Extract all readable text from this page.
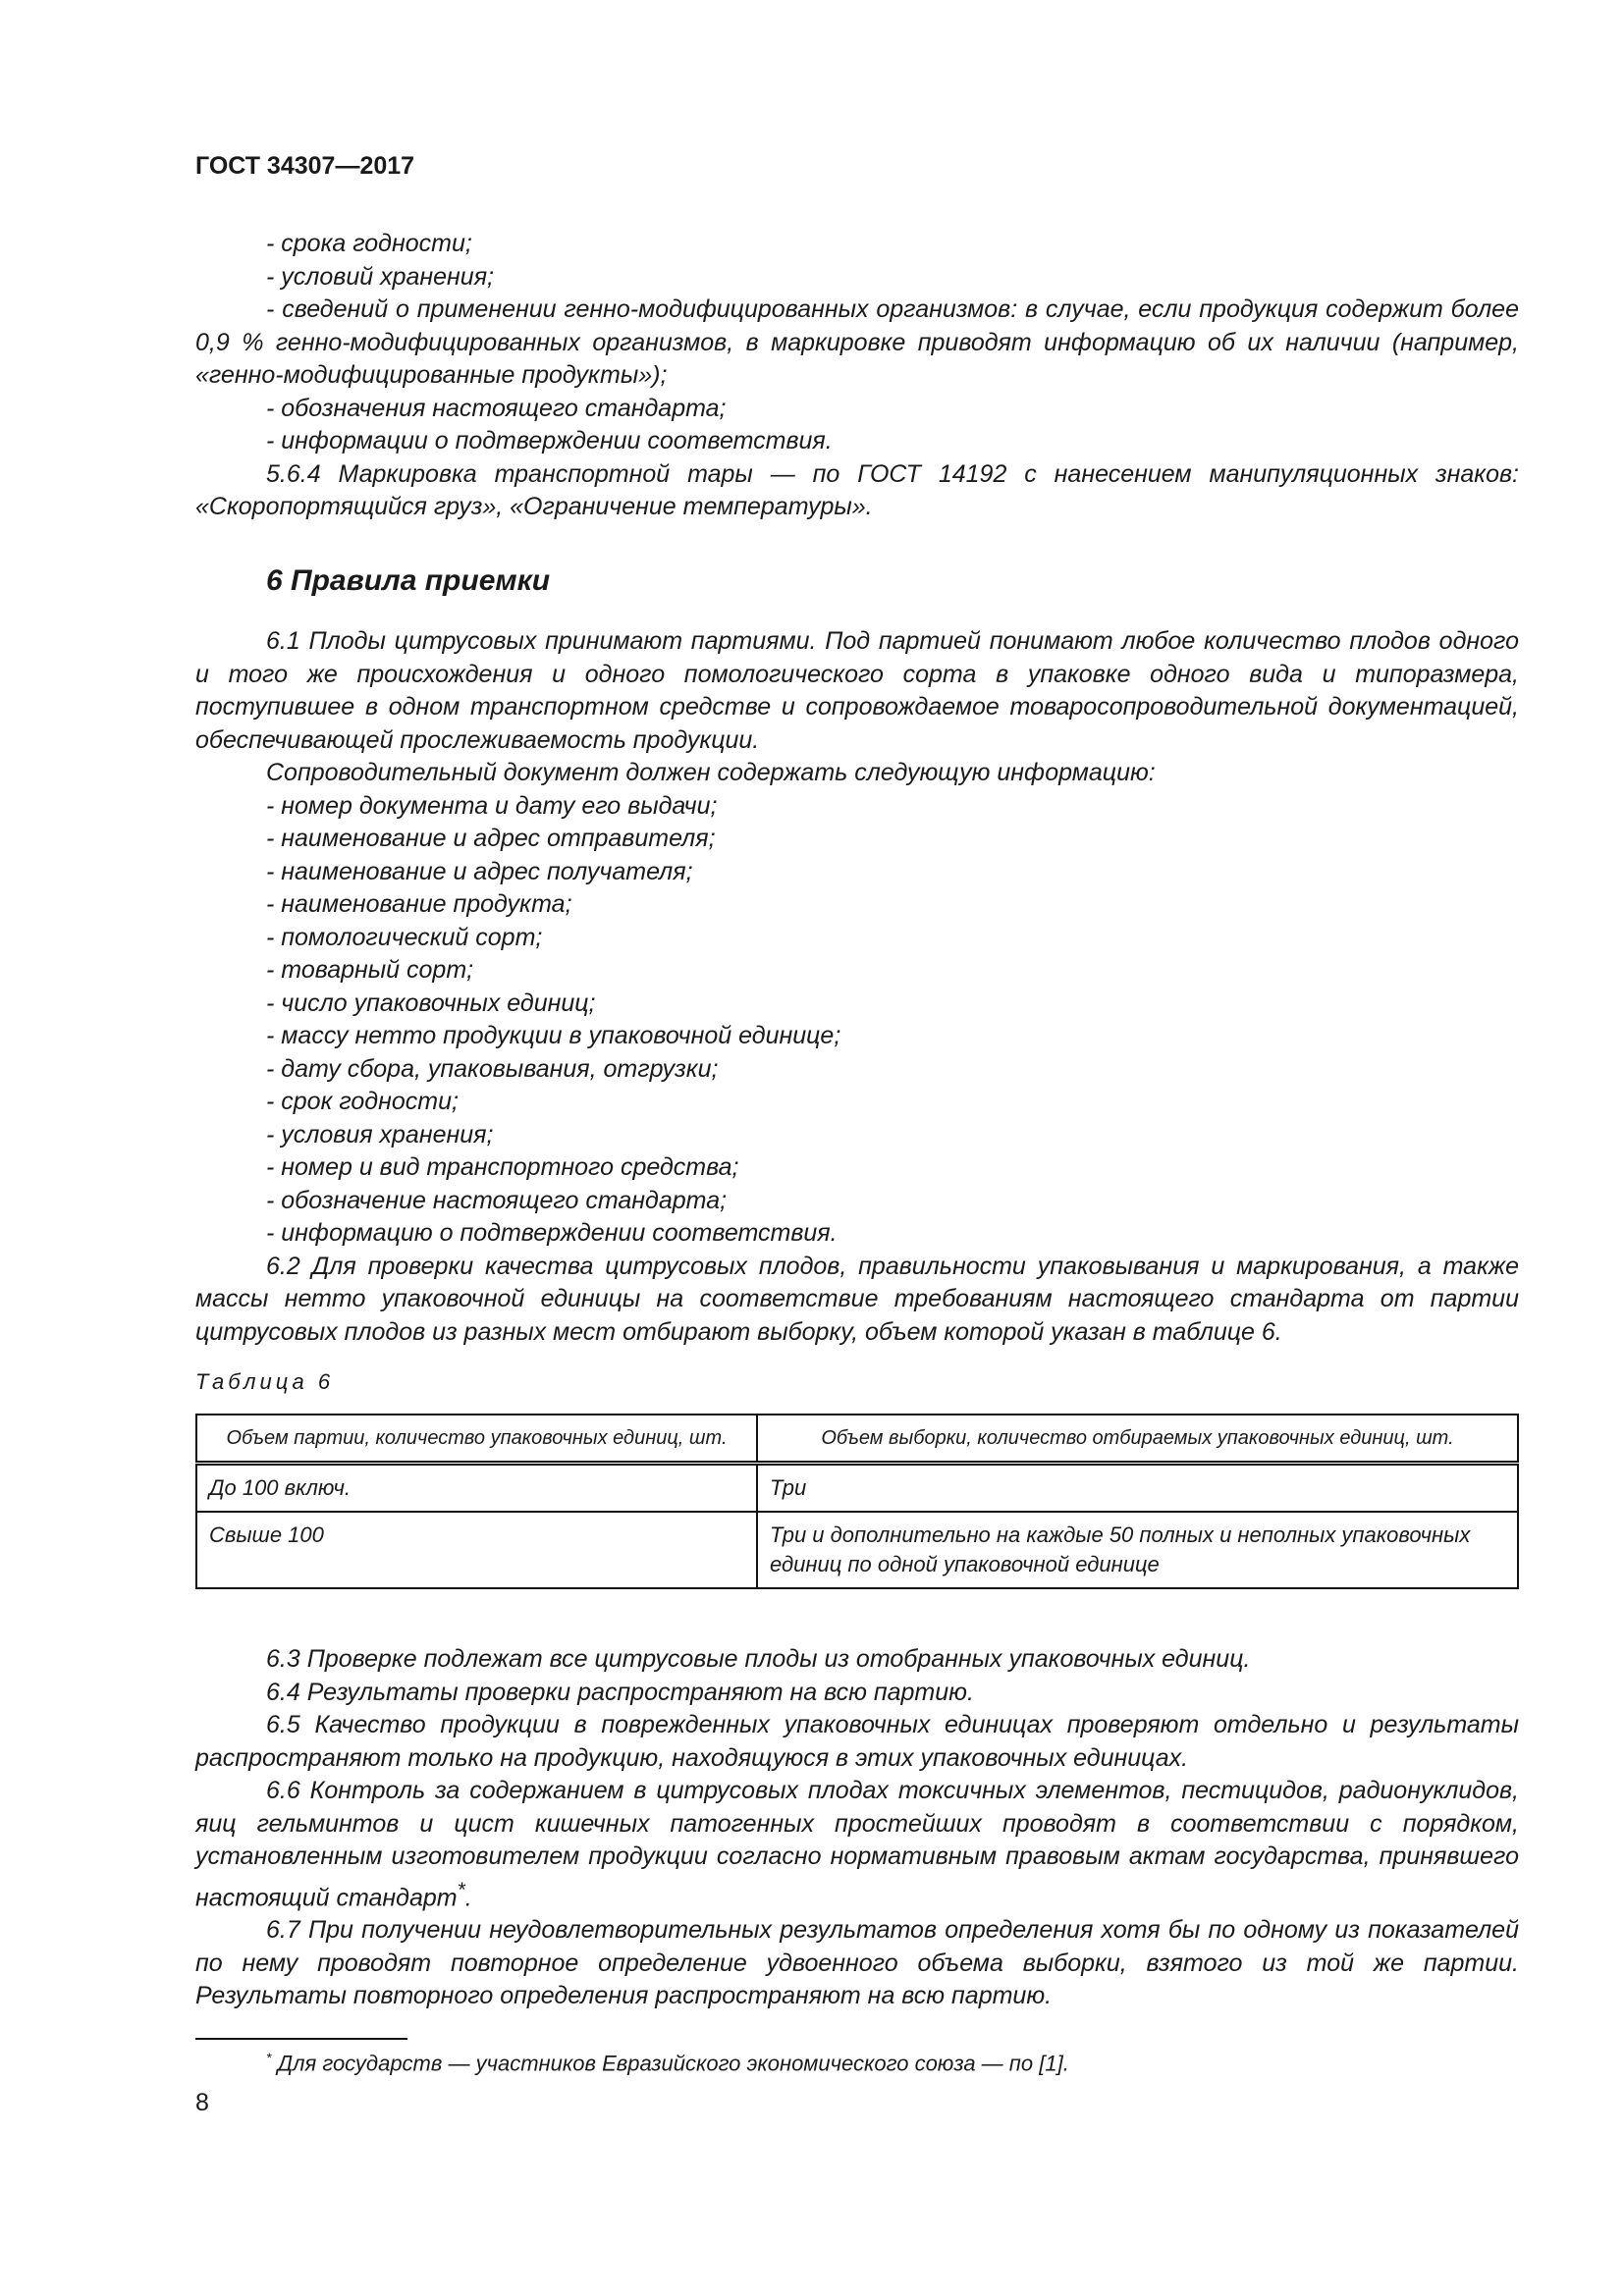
ГОСТ 34307—2017

- срока годности;

- условий хранения;

- сведений о применении генно-модифицированных организмов: в случае, если продукция содержит более 0,9 % генно-модифицированных организмов, в маркировке приводят информацию об их наличии (например, «генно-модифицированные продукты»);

- обозначения настоящего стандарта;

- информации о подтверждении соответствия.

5.6.4 Маркировка транспортной тары — по ГОСТ 14192 с нанесением манипуляционных знаков: «Скоропортящийся груз», «Ограничение температуры».

6 Правила приемки

6.1 Плоды цитрусовых принимают партиями. Под партией понимают любое количество плодов одного и того же происхождения и одного помологического сорта в упаковке одного вида и типоразмера, поступившее в одном транспортном средстве и сопровождаемое товаросопроводительной документацией, обеспечивающей прослеживаемость продукции.

Сопроводительный документ должен содержать следующую информацию:

- номер документа и дату его выдачи;

- наименование и адрес отправителя;

- наименование и адрес получателя;

- наименование продукта;

- помологический сорт;

- товарный сорт;

- число упаковочных единиц;

- массу нетто продукции в упаковочной единице;

- дату сбора, упаковывания, отгрузки;

- срок годности;

- условия хранения;

- номер и вид транспортного средства;

- обозначение настоящего стандарта;

- информацию о подтверждении соответствия.

6.2 Для проверки качества цитрусовых плодов, правильности упаковывания и маркирования, а также массы нетто упаковочной единицы на соответствие требованиям настоящего стандарта от партии цитрусовых плодов из разных мест отбирают выборку, объем которой указан в таблице 6.

Таблица 6
Объем партии, количество упаковочных единиц, шт.	Объем выборки, количество отбираемых упаковочных единиц, шт.
До 100 включ.	Три
Свыше 100	Три и дополнительно на каждые 50 полных и неполных упаковочных единиц по одной упаковочной единице

6.3 Проверке подлежат все цитрусовые плоды из отобранных упаковочных единиц.

6.4 Результаты проверки распространяют на всю партию.

6.5 Качество продукции в поврежденных упаковочных единицах проверяют отдельно и результаты распространяют только на продукцию, находящуюся в этих упаковочных единицах.

6.6 Контроль за содержанием в цитрусовых плодах токсичных элементов, пестицидов, радионуклидов, яиц гельминтов и цист кишечных патогенных простейших проводят в соответствии с порядком, установленным изготовителем продукции согласно нормативным правовым актам государства, принявшего настоящий стандарт*.

6.7 При получении неудовлетворительных результатов определения хотя бы по одному из показателей по нему проводят повторное определение удвоенного объема выборки, взятого из той же партии. Результаты повторного определения распространяют на всю партию.

* Для государств — участников Евразийского экономического союза — по [1].
8
